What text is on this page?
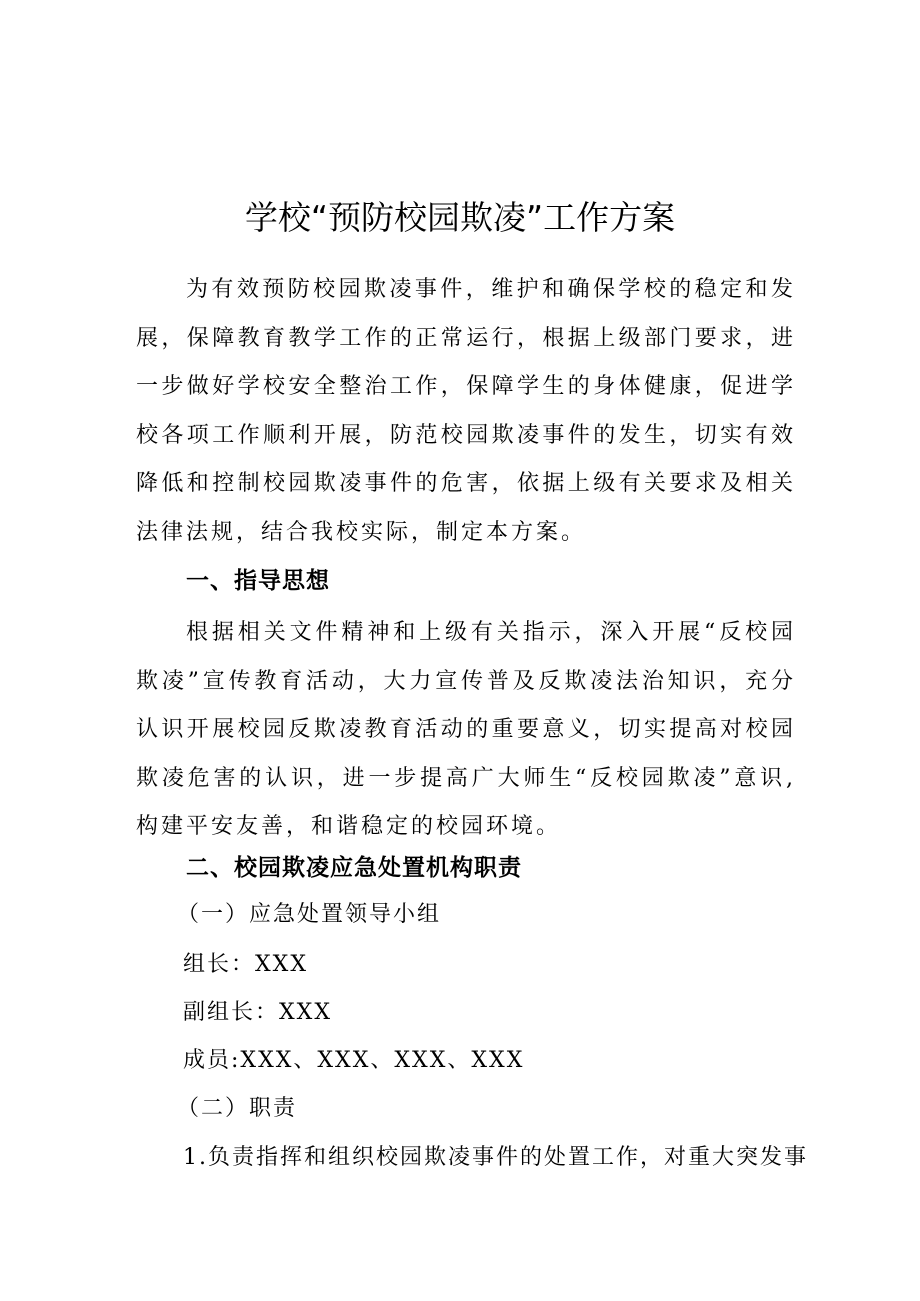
学校“预防校园欺凌”工作方案

为有效预防校园欺凌事件，维护和确保学校的稳定和发展，保障教育教学工作的正常运行，根据上级部门要求，进一步做好学校安全整治工作，保障学生的身体健康，促进学校各项工作顺利开展，防范校园欺凌事件的发生，切实有效降低和控制校园欺凌事件的危害，依据上级有关要求及相关法律法规，结合我校实际，制定本方案。

一、指导思想

根据相关文件精神和上级有关指示，深入开展“反校园欺凌”宣传教育活动，大力宣传普及反欺凌法治知识，充分认识开展校园反欺凌教育活动的重要意义，切实提高对校园欺凌危害的认识，进一步提高广大师生“反校园欺凌”意识,构建平安友善，和谐稳定的校园环境。

二、校园欺凌应急处置机构职责

（一）应急处置领导小组

组长：XXX

副组长：XXX

成员:XXX、XXX、XXX、XXX

（二）职责

1.负责指挥和组织校园欺凌事件的处置工作，对重大突发事
